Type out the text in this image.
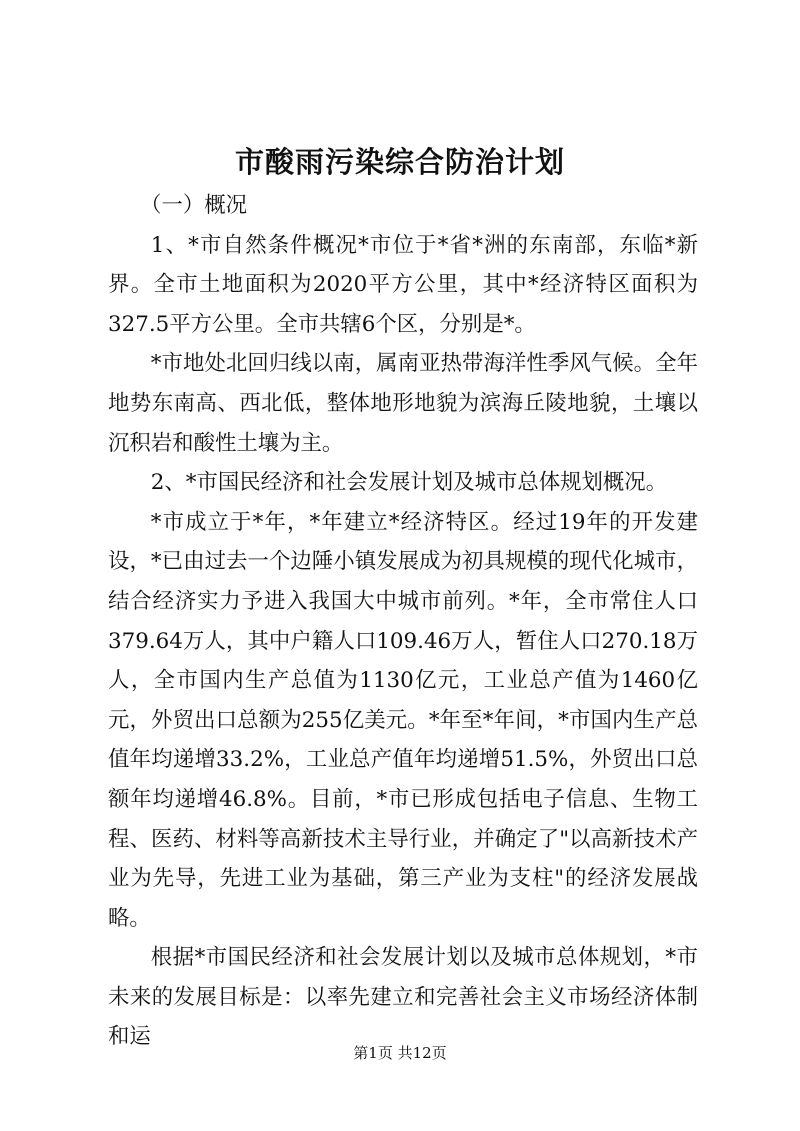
市酸雨污染综合防治计划

（一）概况

1、*市自然条件概况*市位于*省*洲的东南部，东临*新界。全市土地面积为2020平方公里，其中*经济特区面积为327.5平方公里。全市共辖6个区，分别是*。

*市地处北回归线以南，属南亚热带海洋性季风气候。全年地势东南高、西北低，整体地形地貌为滨海丘陵地貌，土壤以沉积岩和酸性土壤为主。

2、*市国民经济和社会发展计划及城市总体规划概况。

*市成立于*年，*年建立*经济特区。经过19年的开发建设，*已由过去一个边陲小镇发展成为初具规模的现代化城市，结合经济实力予进入我国大中城市前列。*年，全市常住人口379.64万人，其中户籍人口109.46万人，暂住人口270.18万人，全市国内生产总值为1130亿元，工业总产值为1460亿元，外贸出口总额为255亿美元。*年至*年间，*市国内生产总值年均递增33.2%，工业总产值年均递增51.5%，外贸出口总额年均递增46.8%。目前，*市已形成包括电子信息、生物工程、医药、材料等高新技术主导行业，并确定了"以高新技术产业为先导，先进工业为基础，第三产业为支柱"的经济发展战略。

根据*市国民经济和社会发展计划以及城市总体规划，*市未来的发展目标是：以率先建立和完善社会主义市场经济体制和运

第1页 共12页
